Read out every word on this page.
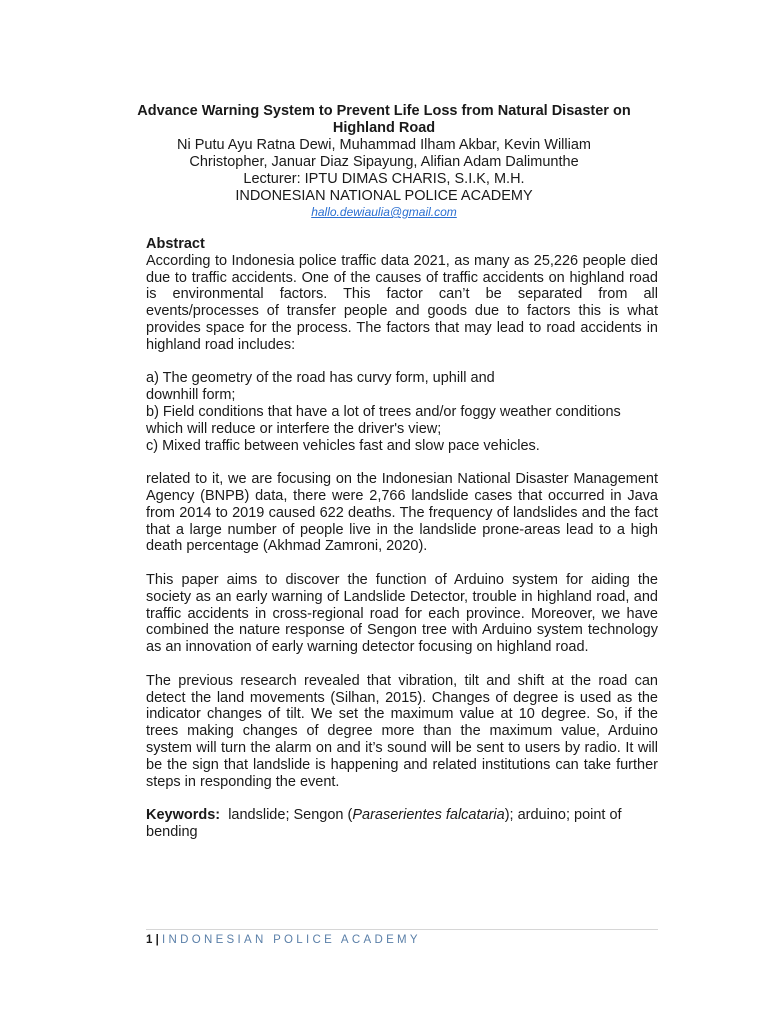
Advance Warning System to Prevent Life Loss from Natural Disaster on Highland Road
Ni Putu Ayu Ratna Dewi, Muhammad Ilham Akbar, Kevin William
Christopher, Januar Diaz Sipayung, Alifian Adam Dalimunthe
Lecturer: IPTU DIMAS CHARIS, S.I.K, M.H.
INDONESIAN NATIONAL POLICE ACADEMY
hallo.dewiaulia@gmail.com

Abstract

According to Indonesia police traffic data 2021, as many as 25,226 people died due to traffic accidents. One of the causes of traffic accidents on highland road is environmental factors. This factor can’t be separated from all events/processes of transfer people and goods due to factors this is what provides space for the process. The factors that may lead to road accidents in highland road includes:

a) The geometry of the road has curvy form, uphill and

downhill form;

b) Field conditions that have a lot of trees and/or foggy weather conditions which will reduce or interfere the driver's view;

c) Mixed traffic between vehicles fast and slow pace vehicles.

related to it, we are focusing on the Indonesian National Disaster Management Agency (BNPB) data, there were 2,766 landslide cases that occurred in Java from 2014 to 2019 caused 622 deaths. The frequency of landslides and the fact that a large number of people live in the landslide prone-areas lead to a high death percentage (Akhmad Zamroni, 2020).

This paper aims to discover the function of Arduino system for aiding the society as an early warning of Landslide Detector, trouble in highland road, and traffic accidents in cross-regional road for each province. Moreover, we have combined the nature response of Sengon tree with Arduino system technology as an innovation of early warning detector focusing on highland road.

The previous research revealed that vibration, tilt and shift at the road can detect the land movements (Silhan, 2015). Changes of degree is used as the indicator changes of tilt. We set the maximum value at 10 degree. So, if the trees making changes of degree more than the maximum value, Arduino system will turn the alarm on and it’s sound will be sent to users by radio. It will be the sign that landslide is happening and related institutions can take further steps in responding the event.

Keywords: landslide; Sengon (Paraserientes falcataria); arduino; point of bending

1 | INDONESIAN POLICE ACADEMY
